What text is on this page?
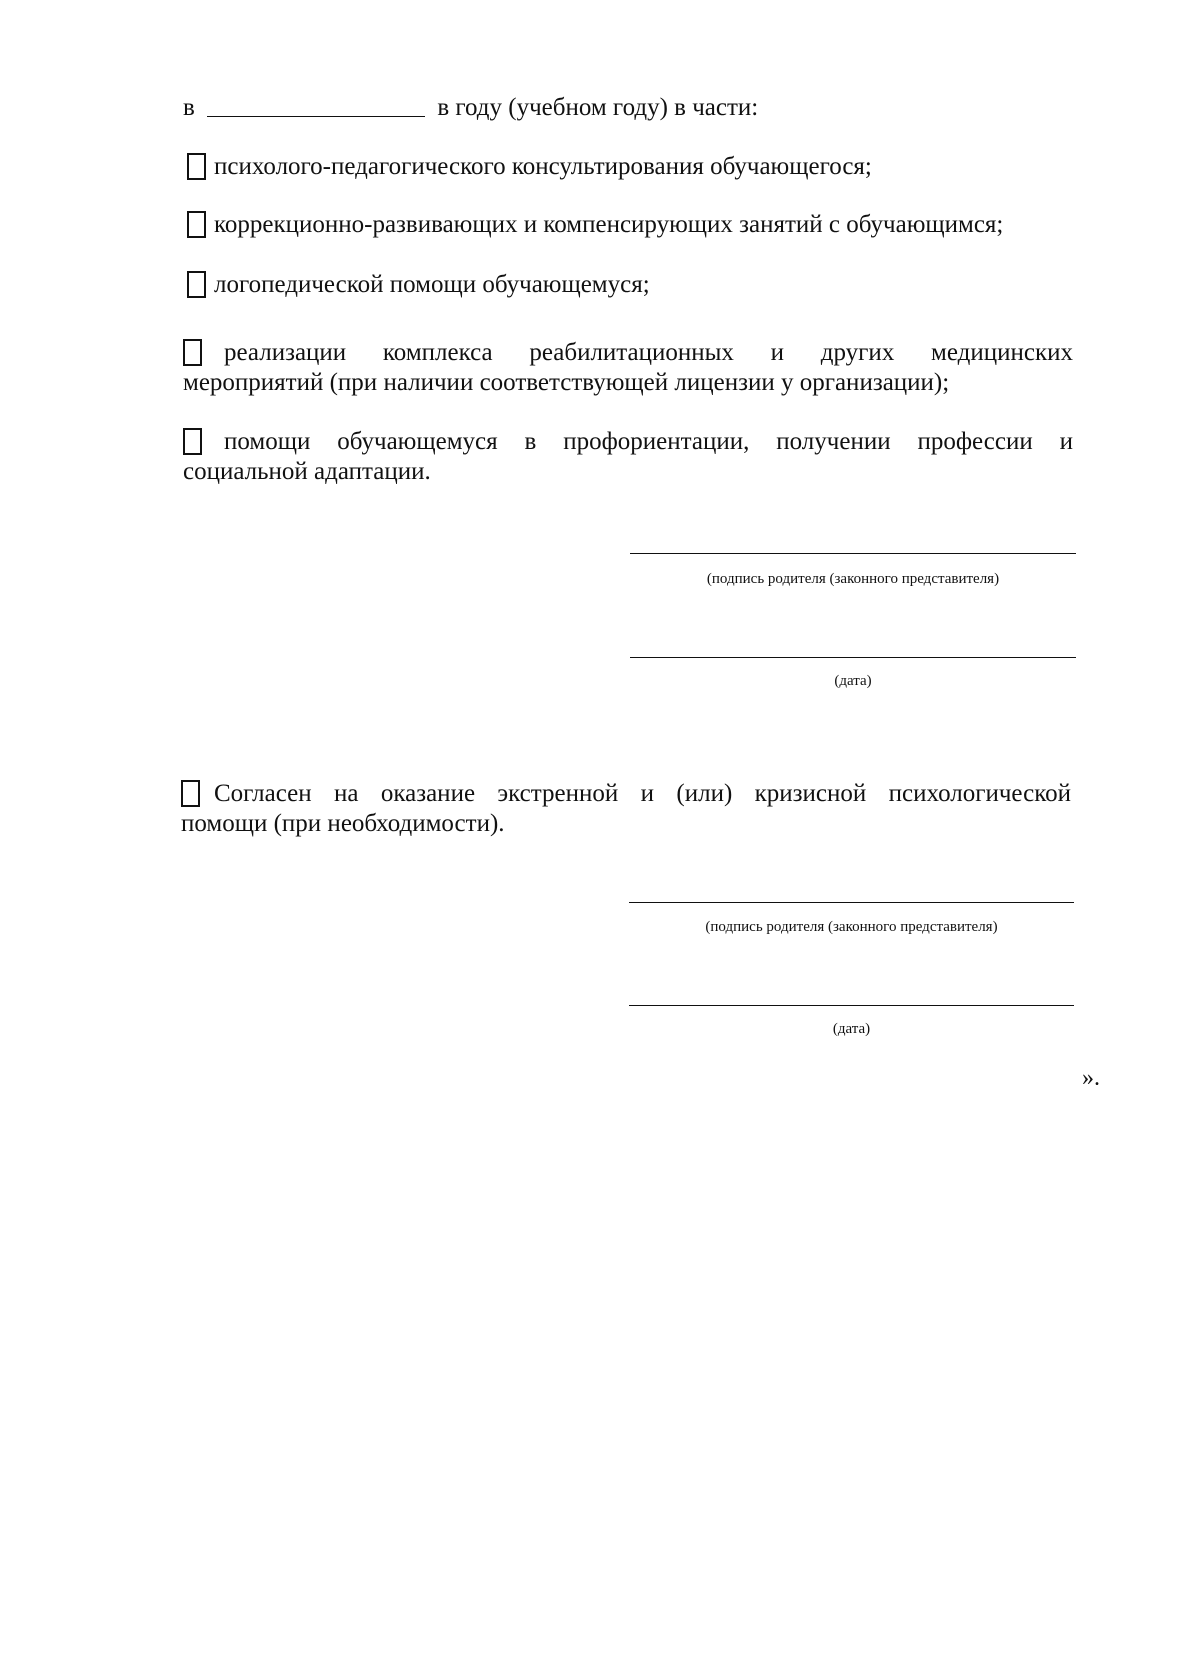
в	в году (учебном году) в части:
психолого-педагогического консультирования обучающегося;
коррекционно-развивающих и компенсирующих занятий с обучающимся;
логопедической помощи обучающемуся;
реализации комплекса реабилитационных и других медицинских
мероприятий (при наличии соответствующей лицензии у организации);
помощи обучающемуся в профориентации, получении профессии и
социальной адаптации.
(подпись родителя (законного представителя)
(дата)
Согласен на оказание экстренной и (или) кризисной психологической
помощи (при необходимости).
(подпись родителя (законного представителя)
(дата)
».
